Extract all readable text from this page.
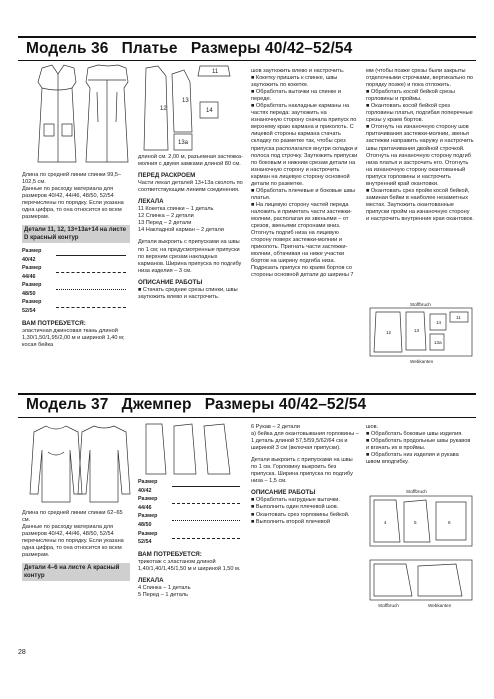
Модель 36   Платье   Размеры 40/42–52/54

Длина по средней линии спинки 99,5–102,5 см.

Данные по расходу материала для размеров 40/42, 44/46, 48/50, 52/54 перечислены по порядку. Если указана одна цифра, то она относится ко всем размерам.

Детали 11, 12, 13+13а+14 на листе D красный контур
Размер 40/42
Размер 44/46
Размер 48/50
Размер 52/54

ВАМ ПОТРЕБУЕТСЯ:

эластичная джинсовая ткань длиной 1,30/1,50/1,95/2,00 м и шириной 1,40 м; косая бейка

12
13
11
13а
14

длиной см. 2,00 м, разъемная застежка-молния с двумя замками длиной 80 см.

ПЕРЕД РАСКРОЕМ

Части лекал деталей 13+13а сколоть по соответствующим линиям соединения.

ЛЕКАЛА

11 Кокетка спинки – 1 деталь

12 Спинка – 2 детали

13 Перед – 2 детали

14 Накладной карман – 2 детали

Детали выкроить с припусками на швы по 1 см; на предусмотренные припуски по верхним срезам накладных карманов. Ширина припуска по подгибу низа изделия – 3 см.

ОПИСАНИЕ РАБОТЫ

■ Стачать средние срезы спинки, швы заутюжить влево и настрочить.

шов заутюжить влево и настрочить.
■ Кокетку пришить к спинке, швы заутюжить по кокетке.
■ Обработать вытачки на спинке и переде.
■ Обработать накладные карманы на частях переда: заутюжить на изнаночную сторону сначала припуск по верхнему краю кармана и приколоть. С лицевой стороны кармана стачать складку по разметке так, чтобы срез припуска располагался внутри складки и полоса под строчку. Заутюжить припуски по боковым и нижним срезам детали на изнаночную сторону и настрочить карман на лицевую сторону основной детали по разметке.
■ Обработать плечевые и боковые швы платья.
■ На лицевую сторону частей переда наложить и приметать части застежки-молнии, располагая их звеньями – от срезов, звеньями сторонами вниз. Отогнуть подгиб низа на лицевую сторону поверх застежки-молнии и приколоть. Пригнать части застежки-молнии, обтачивая на ниже участки бортов на ширину подгиба низа. Подрезать припуск по краям бортов со стороны основной детали до ширины 7
мм (чтобы позже срезы были закрыты отделочными строчками, вертикально по порядку позже) и пока отложить.
■ Обработать косой бейкой срезы горловины и проймы.
■ Окантовать косой бейкой срез горловины платья, подгибая поперечные срезы у краев бортов.
■ Отогнуть на изнаночную сторону шов притачивания застежки-молнии, звенья застежки направить наружу и настрочить швы притачивания двойной строчкой. Отогнуть на изнаночную сторону подгиб низа платья и застрочить его. Отогнуть на изнаночную сторону окантованный припуск горловины и настрочить внутренний край окантовки.
■ Окантовать срез пройм косой бейкой, заминая бейки в наиболее незаметных местах. Заутюжить окантованные припуски пройм на изнаночную сторону и настрочить внутренние края окантовок.
Stoffbruch
Webkanten
12
14
13а
13
11
Модель 37   Джемпер   Размеры 40/42–52/54

Длина по средней линии спинки 62–65 см.

Данные по расходу материала для размеров 40/42, 44/46, 48/50, 52/54 перечислены по порядку. Если указана одна цифра, то она относится ко всем размерам.

Детали 4–6 на листе А красный контур
Размер 40/42
Размер 44/46
Размер 48/50
Размер 52/54

ВАМ ПОТРЕБУЕТСЯ:

трикотаж с эластаном длиной 1,40/1,40/1,45/1,50 м и шириной 1,50 м.

ЛЕКАЛА

4 Спинка – 1 деталь

5 Перед – 1 деталь

6 Рукав – 2 детали

а) бейка для окантовывания горловины – 1 деталь длиной 57,5/59,5/62/64 см и шириной 3 см (включая припуски).

Детали выкроить с припусками на швы по 1 см. Горловину выкроить без припуска. Ширина припуска по подгибу низа – 1,5 см.

ОПИСАНИЕ РАБОТЫ

■ Обработать нагрудные вытачки.
■ Выполнить один плечевой шов.
■ Окантовать срез горловины бейкой.
■ Выполнить второй плечевой

шов.
■ Обработать боковые швы изделия.
■ Обработать продольные швы рукавов и вгачать их в проймы.
■ Обработать низ изделия и рукава швом вподгибку.
Stoffbruch
Stoffbruch	Webkanten
4	5	6
28
